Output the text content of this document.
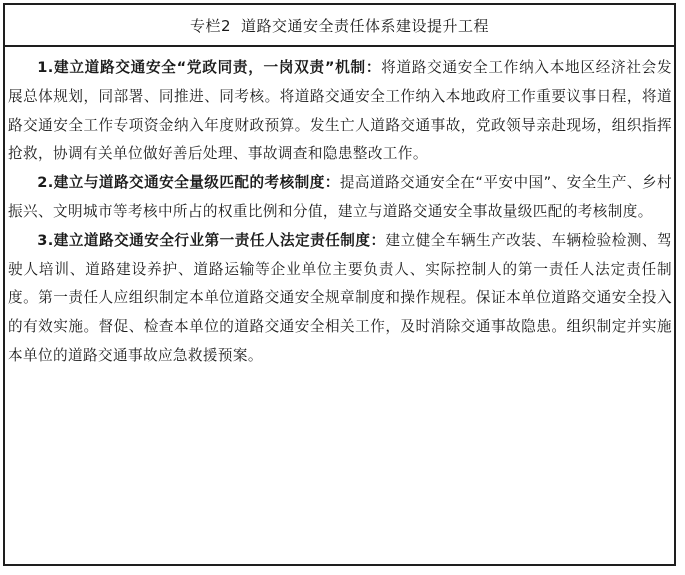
专栏2 道路交通安全责任体系建设提升工程

1.建立道路交通安全“党政同责，一岗双责”机制：将道路交通安全工作纳入本地区经济社会发展总体规划，同部署、同推进、同考核。将道路交通安全工作纳入本地政府工作重要议事日程，将道路交通安全工作专项资金纳入年度财政预算。发生亡人道路交通事故，党政领导亲赴现场，组织指挥抢救，协调有关单位做好善后处理、事故调查和隐患整改工作。

2.建立与道路交通安全量级匹配的考核制度：提高道路交通安全在“平安中国”、安全生产、乡村振兴、文明城市等考核中所占的权重比例和分值，建立与道路交通安全事故量级匹配的考核制度。

3.建立道路交通安全行业第一责任人法定责任制度：建立健全车辆生产改装、车辆检验检测、驾驶人培训、道路建设养护、道路运输等企业单位主要负责人、实际控制人的第一责任人法定责任制度。第一责任人应组织制定本单位道路交通安全规章制度和操作规程。保证本单位道路交通安全投入的有效实施。督促、检查本单位的道路交通安全相关工作，及时消除交通事故隐患。组织制定并实施本单位的道路交通事故应急救援预案。
